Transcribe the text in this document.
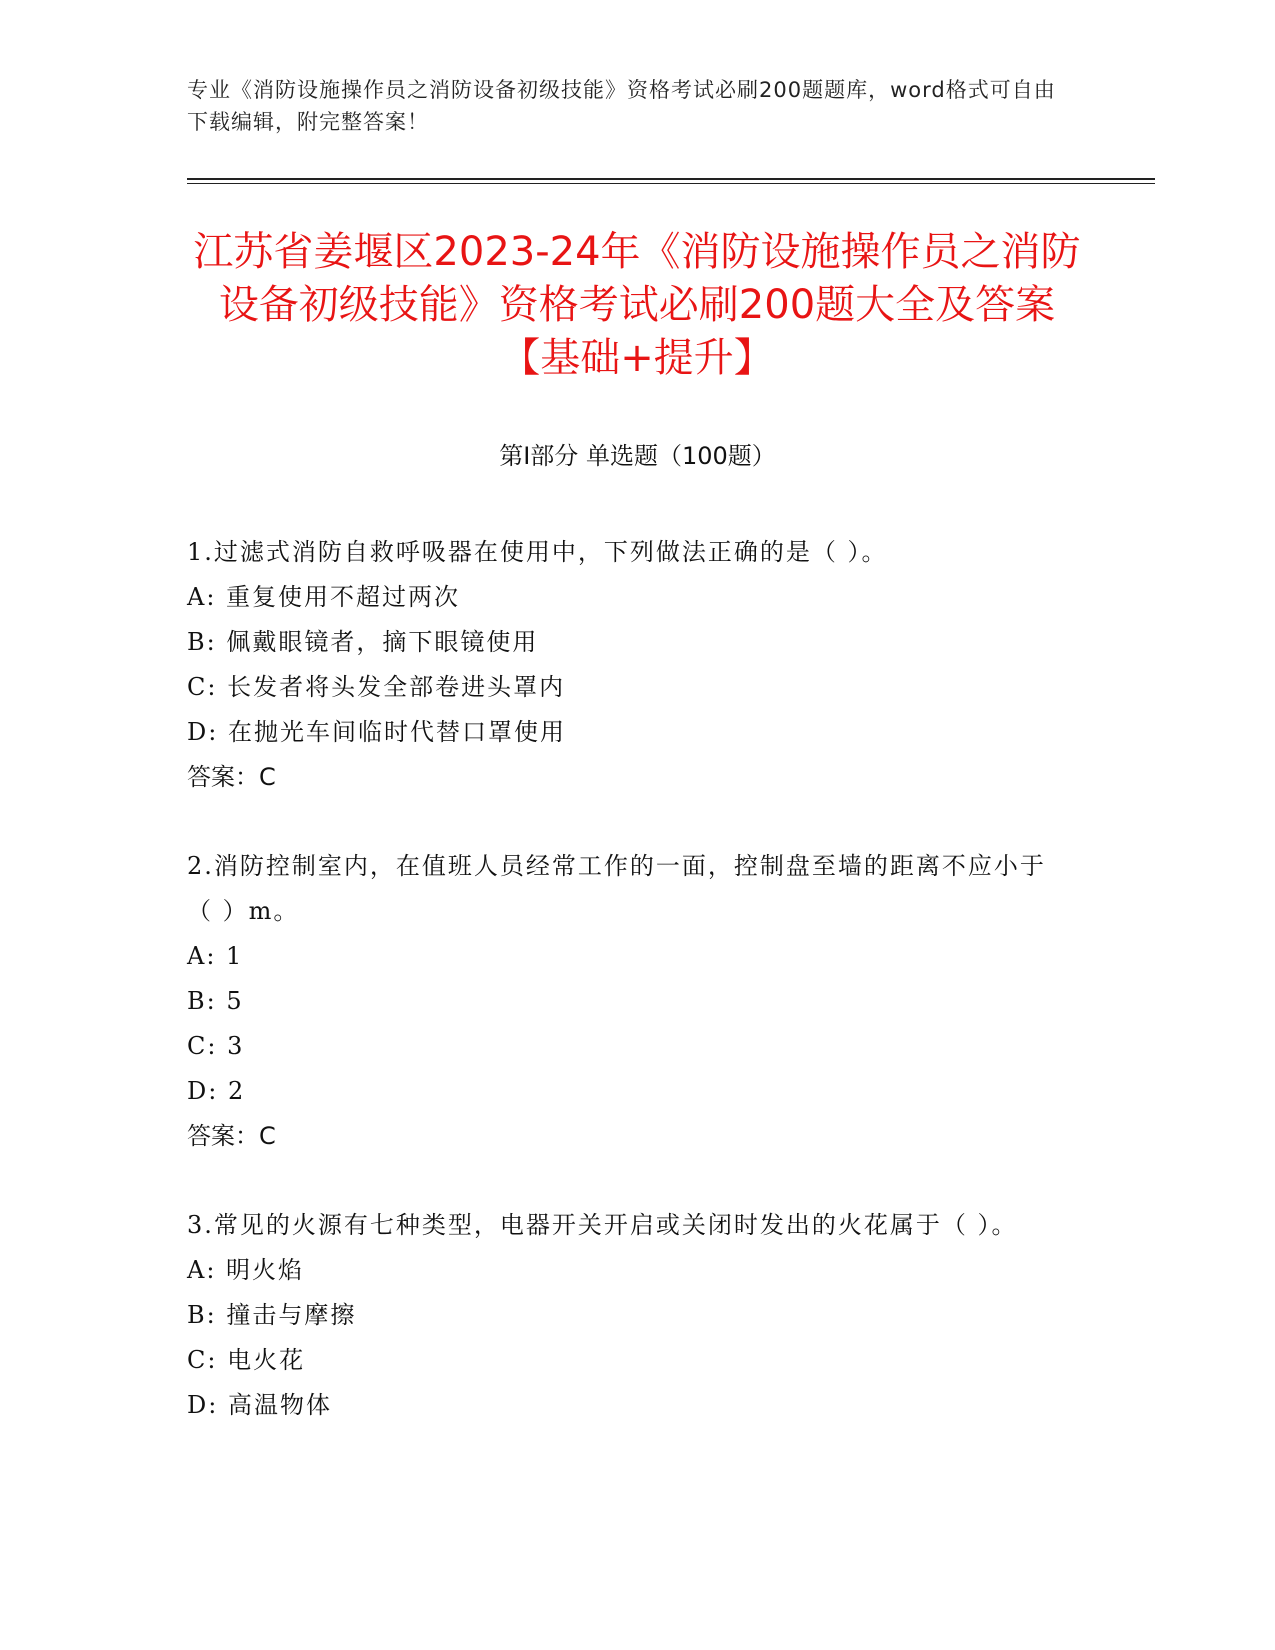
专业《消防设施操作员之消防设备初级技能》资格考试必刷200题题库，word格式可自由下载编辑，附完整答案！
江苏省姜堰区2023-24年《消防设施操作员之消防设备初级技能》资格考试必刷200题大全及答案【基础+提升】
第Ⅰ部分 单选题（100题）

1.过滤式消防自救呼吸器在使用中，下列做法正确的是（ ）。

A: 重复使用不超过两次

B: 佩戴眼镜者，摘下眼镜使用

C: 长发者将头发全部卷进头罩内

D: 在抛光车间临时代替口罩使用

答案：C

2.消防控制室内，在值班人员经常工作的一面，控制盘至墙的距离不应小于（ ）m。

A: 1

B: 5

C: 3

D: 2

答案：C

3.常见的火源有七种类型，电器开关开启或关闭时发出的火花属于（ ）。

A: 明火焰

B: 撞击与摩擦

C: 电火花

D: 高温物体
